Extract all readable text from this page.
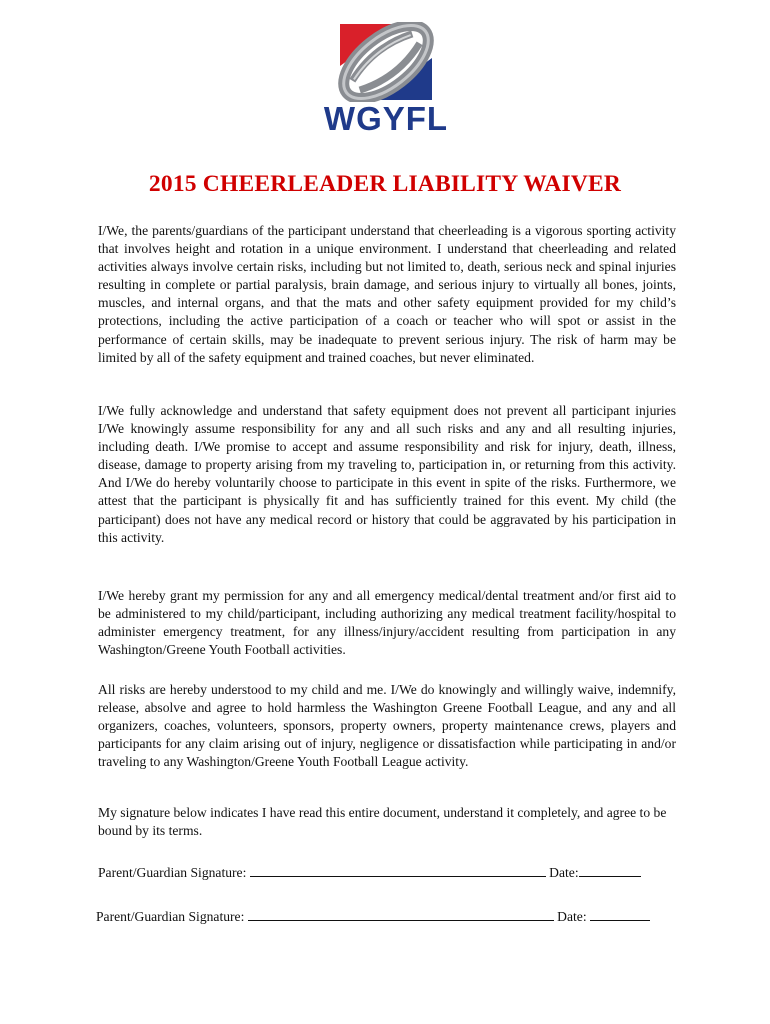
WGYFL
2015 CHEERLEADER LIABILITY WAIVER

I/We, the parents/guardians of the participant understand that cheerleading is a vigorous sporting activity that involves height and rotation in a unique environment. I understand that cheerleading and related activities always involve certain risks, including but not limited to, death, serious neck and spinal injuries resulting in complete or partial paralysis, brain damage, and serious injury to virtually all bones, joints, muscles, and internal organs, and that the mats and other safety equipment provided for my child’s protections, including the active participation of a coach or teacher who will spot or assist in the performance of certain skills, may be inadequate to prevent serious injury. The risk of harm may be limited by all of the safety equipment and trained coaches, but never eliminated.

I/We fully acknowledge and understand that safety equipment does not prevent all participant injuries I/We knowingly assume responsibility for any and all such risks and any and all resulting injuries, including death. I/We promise to accept and assume responsibility and risk for injury, death, illness, disease, damage to property arising from my traveling to, participation in, or returning from this activity. And I/We do hereby voluntarily choose to participate in this event in spite of the risks. Furthermore, we attest that the participant is physically fit and has sufficiently trained for this event. My child (the participant) does not have any medical record or history that could be aggravated by his participation in this activity.

I/We hereby grant my permission for any and all emergency medical/dental treatment and/or first aid to be administered to my child/participant, including authorizing any medical treatment facility/hospital to administer emergency treatment, for any illness/injury/accident resulting from participation in any Washington/Greene Youth Football activities.

All risks are hereby understood to my child and me. I/We do knowingly and willingly waive, indemnify, release, absolve and agree to hold harmless the Washington Greene Football League, and any and all organizers, coaches, volunteers, sponsors, property owners, property maintenance crews, players and participants for any claim arising out of injury, negligence or dissatisfaction while participating in and/or traveling to any Washington/Greene Youth Football League activity.

My signature below indicates I have read this entire document, understand it completely, and agree to be bound by its terms.

Parent/Guardian Signature:	Date:
Parent/Guardian Signature:	Date:
